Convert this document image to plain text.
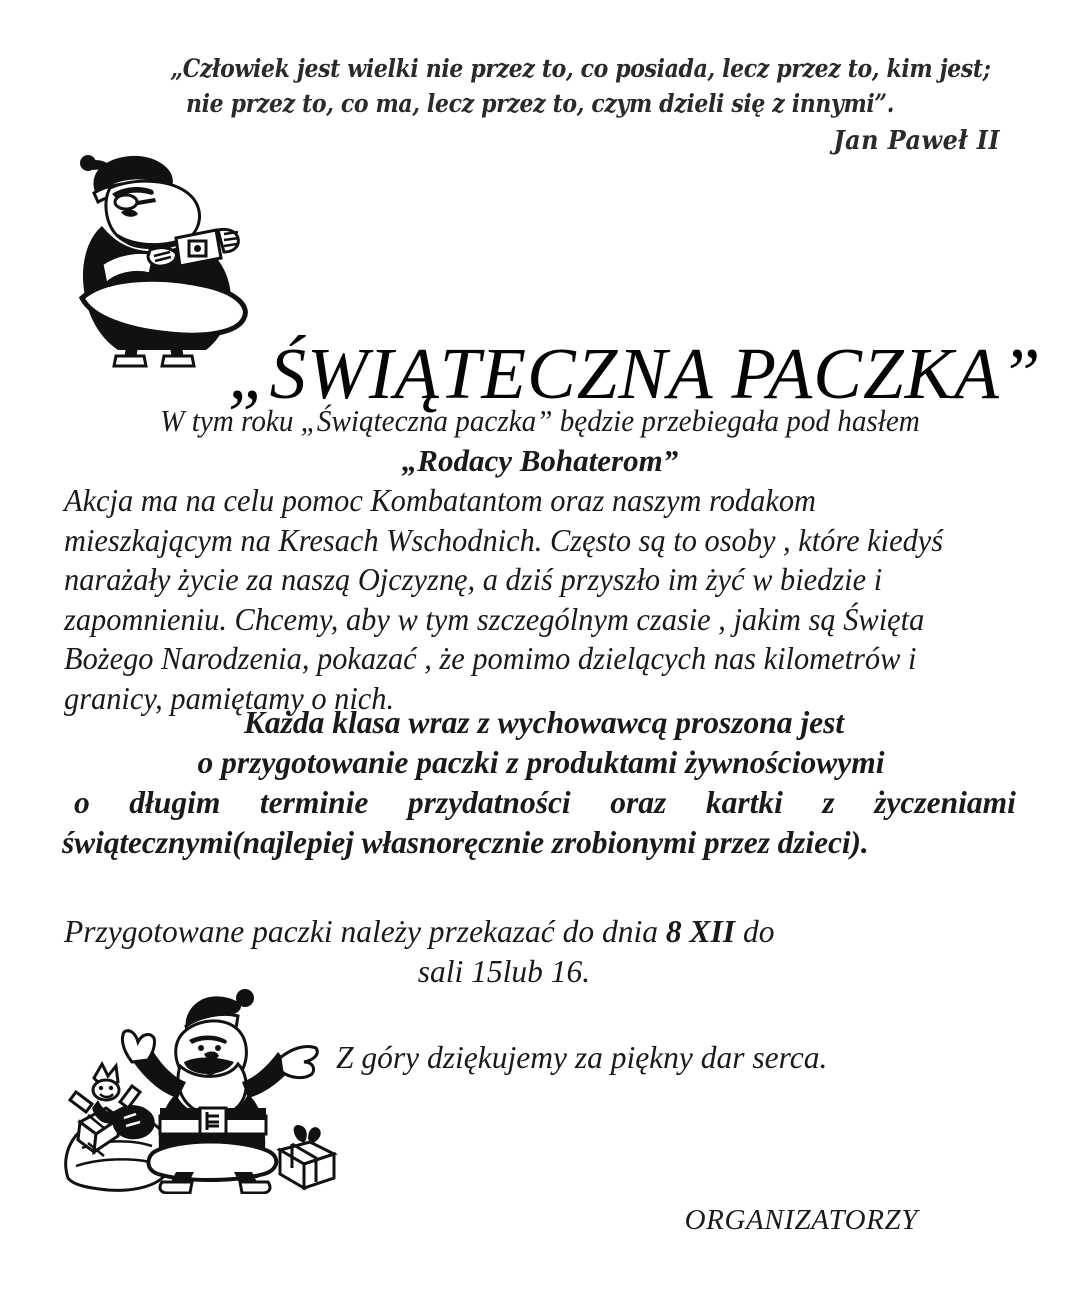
„Człowiek jest wielki nie przez to, co posiada, lecz przez to, kim jest;
nie przez to, co ma, lecz przez to, czym dzieli się z innymi”.
Jan Paweł II
„ŚWIĄTECZNA PACZKA”
W tym roku „Świąteczna paczka” będzie przebiegała pod hasłem
„Rodacy Bohaterom”
Akcja ma na celu pomoc Kombatantom oraz naszym rodakom
mieszkającym na Kresach Wschodnich. Często są to osoby , które kiedyś
narażały życie za naszą Ojczyznę, a dziś przyszło im żyć w biedzie i
zapomnieniu. Chcemy, aby w tym szczególnym czasie , jakim są Święta
Bożego Narodzenia, pokazać , że pomimo dzielących nas kilometrów i
granicy, pamiętamy o nich.
Każda klasa wraz z wychowawcą proszona jest
o przygotowanie paczki z produktami żywnościowymi
o długim terminie przydatności oraz kartki z życzeniami
świątecznymi(najlepiej własnoręcznie zrobionymi przez dzieci).
Przygotowane paczki należy przekazać do dnia 8 XII do
sali 15lub 16.
Z góry dziękujemy za piękny dar serca.
ORGANIZATORZY
